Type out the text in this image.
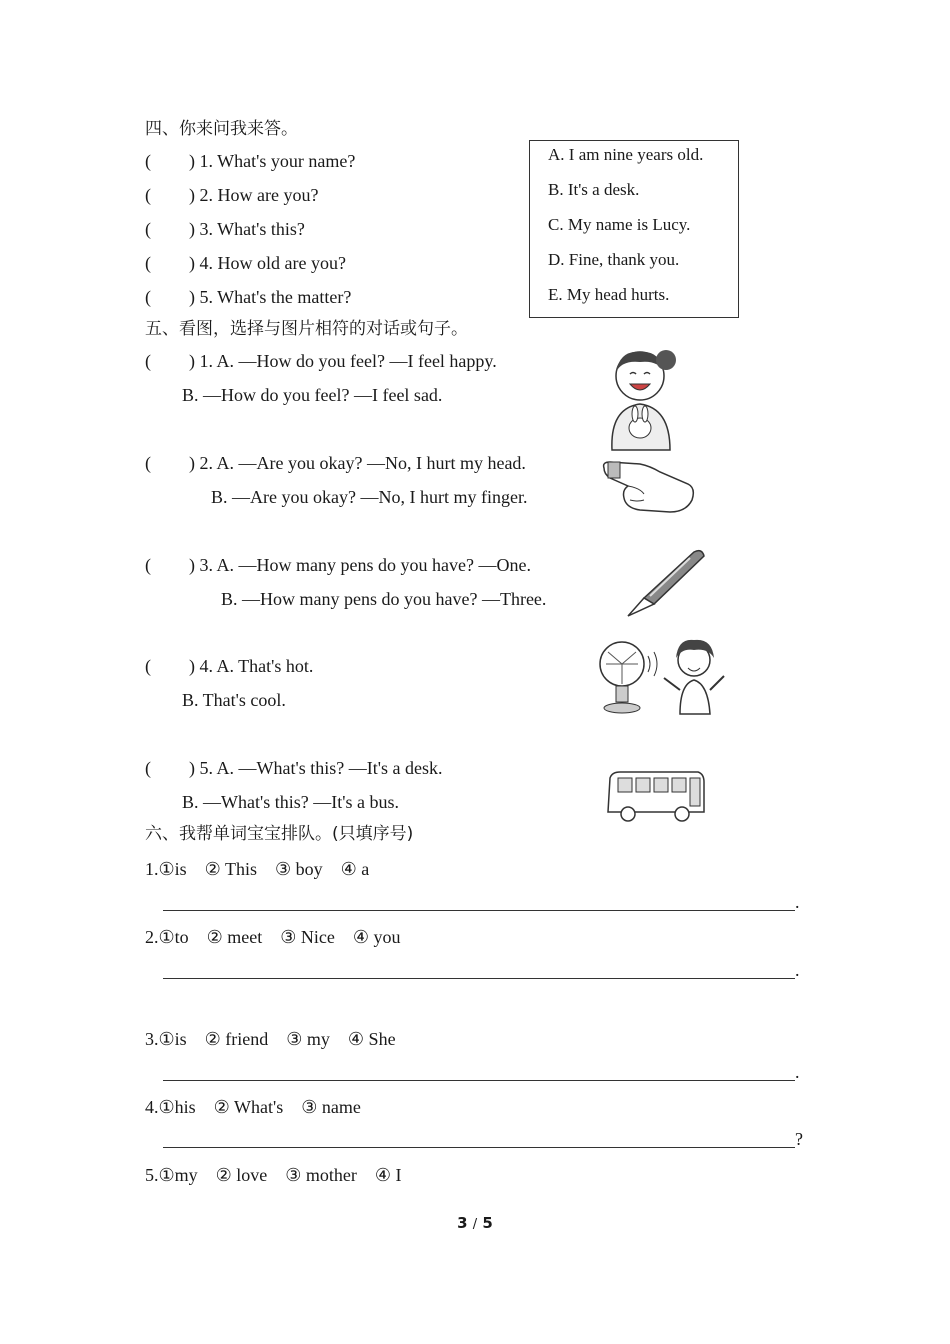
四、你来问我来答。
( ) 1. What's your name?
( ) 2. How are you?
( ) 3. What's this?
( ) 4. How old are you?
( ) 5. What's the matter?
A. I am nine years old.
B. It's a desk.
C. My name is Lucy.
D. Fine, thank you.
E. My head hurts.
五、看图，选择与图片相符的对话或句子。
( ) 1. A. —How do you feel? —I feel happy.
B. —How do you feel? —I feel sad.
( ) 2. A. —Are you okay? —No, I hurt my head.
B. —Are you okay? —No, I hurt my finger.
( ) 3. A. —How many pens do you have? —One.
B. —How many pens do you have? —Three.
( ) 4. A. That's hot.
B. That's cool.
( ) 5. A. —What's this? —It's a desk.
B. —What's this? —It's a bus.
六、我帮单词宝宝排队。(只填序号)
1.①is ② This ③ boy ④ a
.
2.①to ② meet ③ Nice ④ you
.
3.①is ② friend ③ my ④ She
.
4.①his ② What's ③ name
?
5.①my ② love ③ mother ④ I
3 / 5
